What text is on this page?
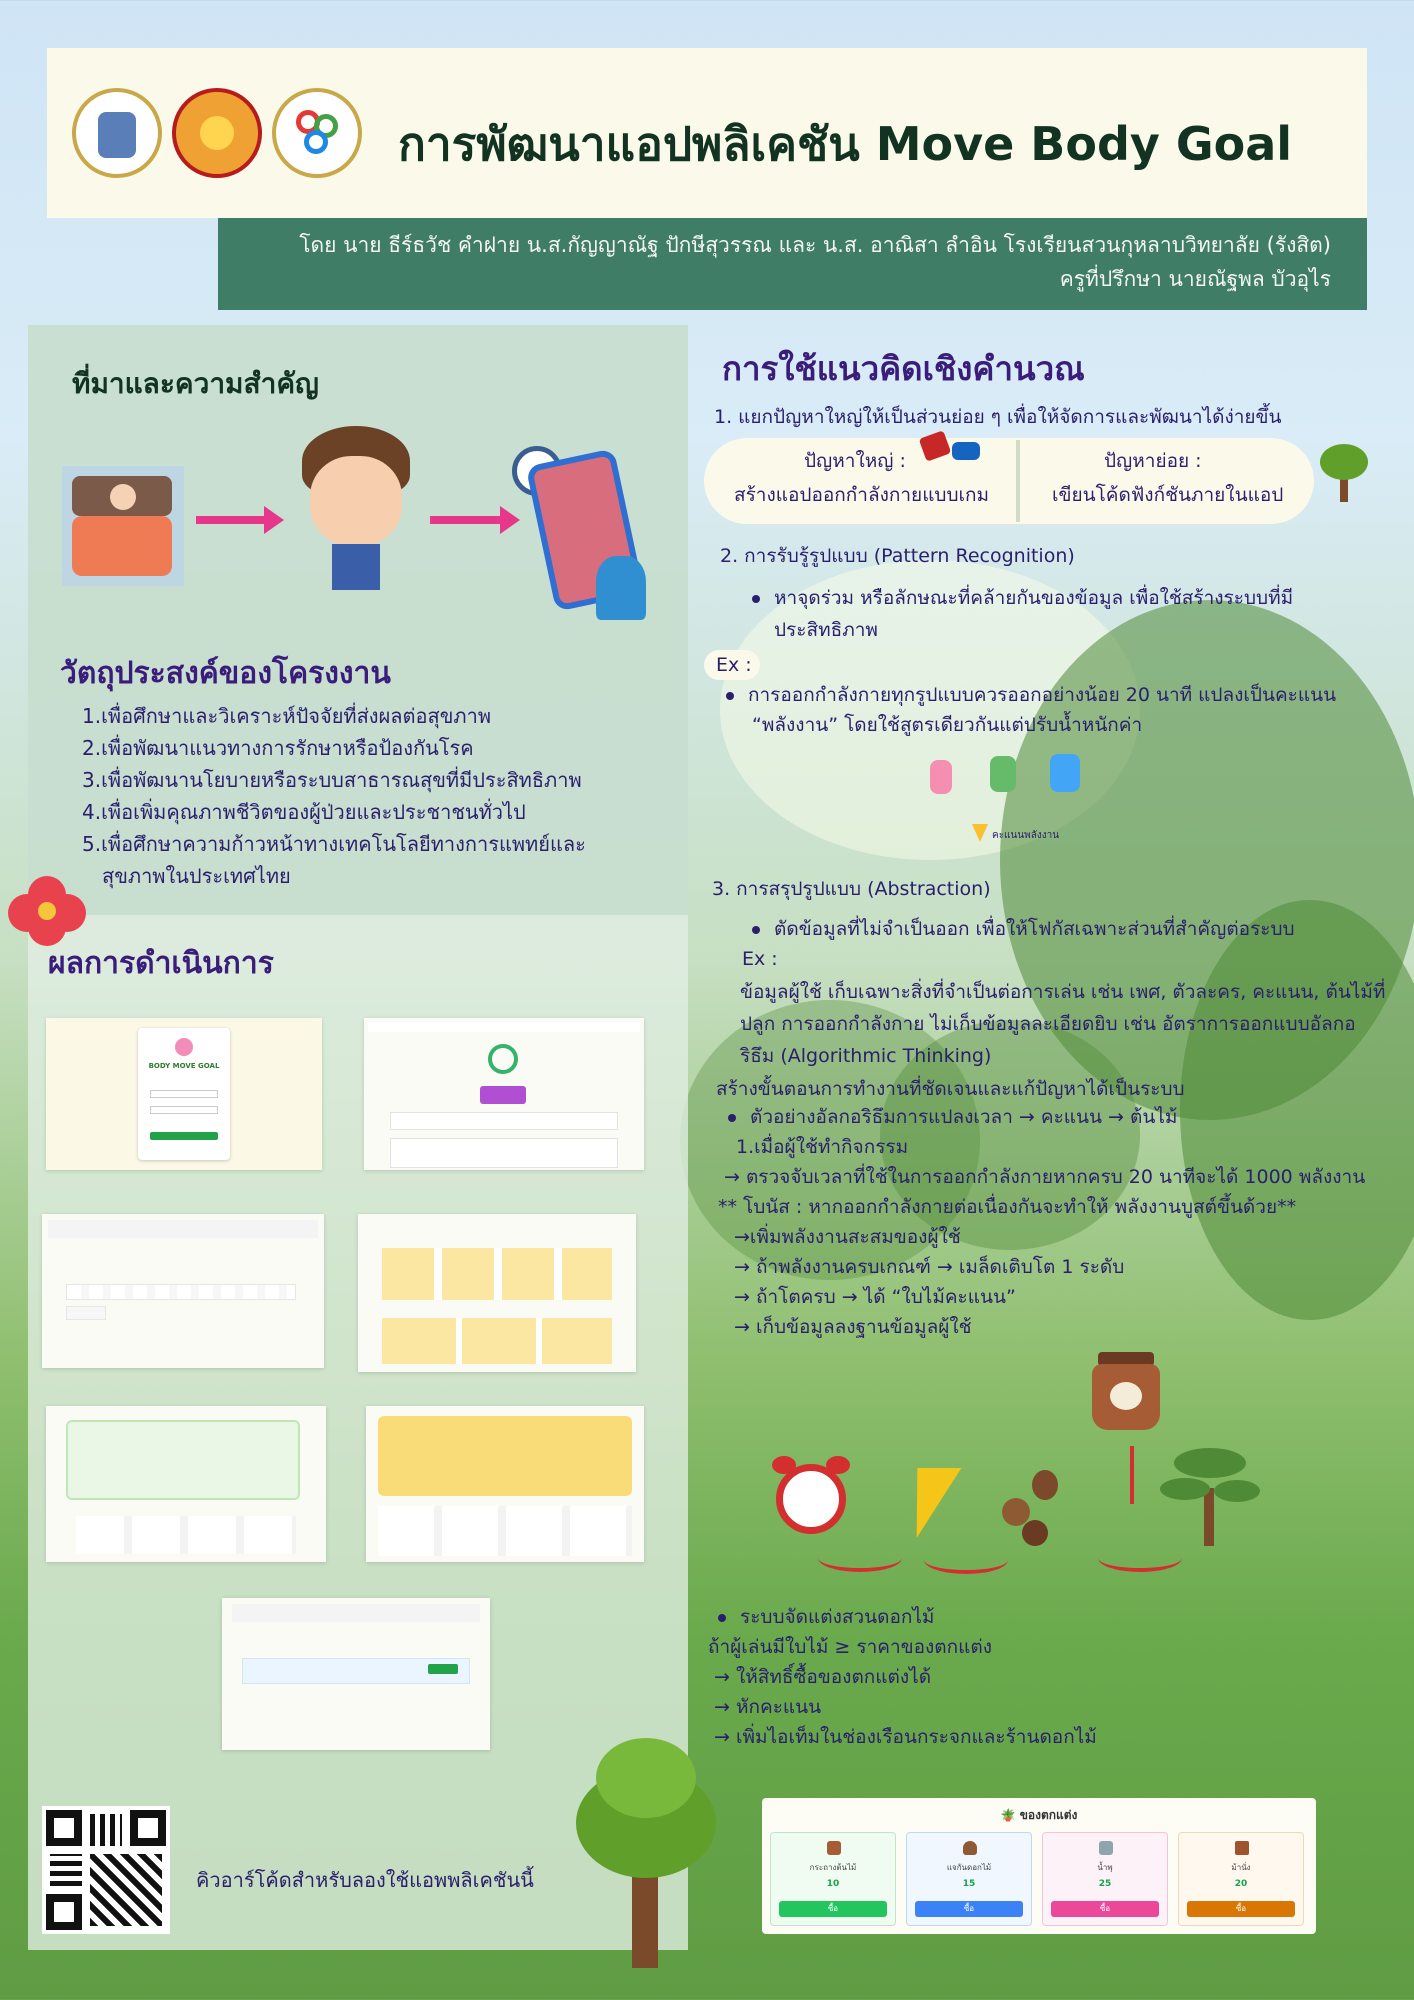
การพัฒนาแอปพลิเคชัน Move Body Goal
โดย นาย ธีร์ธวัช คำฝาย น.ส.กัญญาณัฐ ปักษีสุวรรณ และ น.ส. อาณิสา ลำอิน โรงเรียนสวนกุหลาบวิทยาลัย (รังสิต)
ครูที่ปรึกษา นายณัฐพล บัวอุไร
ที่มาและความสำคัญ
วัตถุประสงค์ของโครงงาน
1.เพื่อศึกษาและวิเคราะห์ปัจจัยที่ส่งผลต่อสุขภาพ
2.เพื่อพัฒนาแนวทางการรักษาหรือป้องกันโรค
3.เพื่อพัฒนานโยบายหรือระบบสาธารณสุขที่มีประสิทธิภาพ
4.เพื่อเพิ่มคุณภาพชีวิตของผู้ป่วยและประชาชนทั่วไป
5.เพื่อศึกษาความก้าวหน้าทางเทคโนโลยีทางการแพทย์และ
สุขภาพในประเทศไทย
ผลการดำเนินการ
BODY MOVE GOAL
คิวอาร์โค้ดสำหรับลองใช้แอพพลิเคชันนี้
การใช้แนวคิดเชิงคำนวณ
1. แยกปัญหาใหญ่ให้เป็นส่วนย่อย ๆ เพื่อให้จัดการและพัฒนาได้ง่ายขึ้น
ปัญหาใหญ่ :
สร้างแอปออกกำลังกายแบบเกม
ปัญหาย่อย :
เขียนโค้ดฟังก์ชันภายในแอป
2. การรับรู้รูปแบบ (Pattern Recognition)
หาจุดร่วม หรือลักษณะที่คล้ายกันของข้อมูล เพื่อใช้สร้างระบบที่มี
ประสิทธิภาพ
Ex :
การออกกำลังกายทุกรูปแบบควรออกอย่างน้อย 20 นาที แปลงเป็นคะแนน
“พลังงาน” โดยใช้สูตรเดียวกันแต่ปรับน้ำหนักค่า
คะแนนพลังงาน
3. การสรุปรูปแบบ (Abstraction)
ตัดข้อมูลที่ไม่จำเป็นออก เพื่อให้โฟกัสเฉพาะส่วนที่สำคัญต่อระบบ
Ex :
ข้อมูลผู้ใช้ เก็บเฉพาะสิ่งที่จำเป็นต่อการเล่น เช่น เพศ, ตัวละคร, คะแนน, ต้นไม้ที่
ปลูก การออกกำลังกาย ไม่เก็บข้อมูลละเอียดยิบ เช่น อัตราการออกแบบอัลกอ
ริธึม (Algorithmic Thinking)
สร้างขั้นตอนการทำงานที่ชัดเจนและแก้ปัญหาได้เป็นระบบ
ตัวอย่างอัลกอริธึมการแปลงเวลา → คะแนน → ต้นไม้
1.เมื่อผู้ใช้ทำกิจกรรม
→ ตรวจจับเวลาที่ใช้ในการออกกำลังกายหากครบ 20 นาทีจะได้ 1000 พลังงาน
** โบนัส : หากออกกำลังกายต่อเนื่องกันจะทำให้ พลังงานบูสต์ขึ้นด้วย**
→เพิ่มพลังงานสะสมของผู้ใช้
→ ถ้าพลังงานครบเกณฑ์ → เมล็ดเติบโต 1 ระดับ
→ ถ้าโตครบ → ได้ “ใบไม้คะแนน”
→ เก็บข้อมูลลงฐานข้อมูลผู้ใช้
ระบบจัดแต่งสวนดอกไม้
ถ้าผู้เล่นมีใบไม้ ≥ ราคาของตกแต่ง
→ ให้สิทธิ์ซื้อของตกแต่งได้
→ หักคะแนน
→ เพิ่มไอเท็มในช่องเรือนกระจกและร้านดอกไม้
🪴 ของตกแต่ง
กระถางต้นไม้
10
ซื้อ
แจกันดอกไม้
15
ซื้อ
น้ำพุ
25
ซื้อ
ม้านั่ง
20
ซื้อ
